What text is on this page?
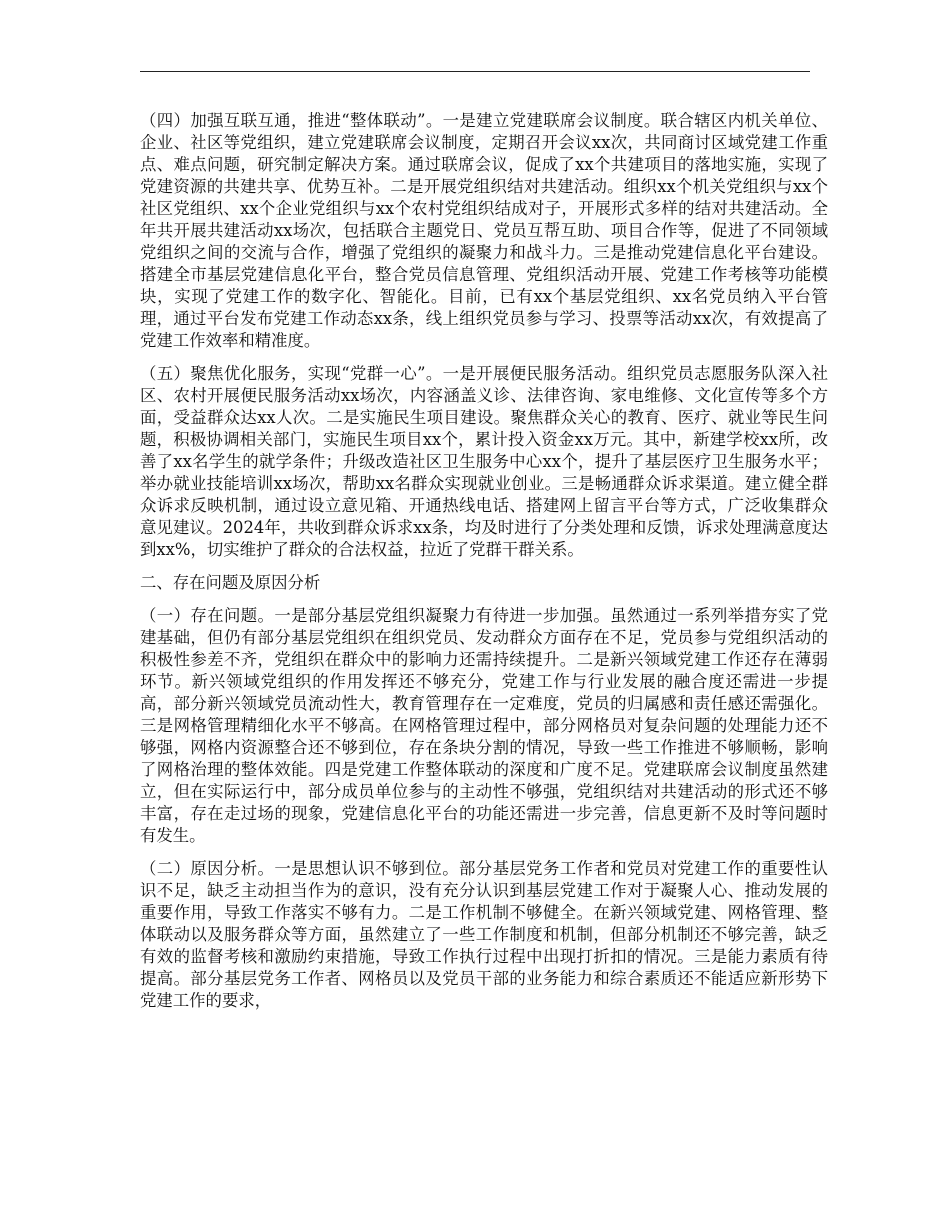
（四）加强互联互通，推进“整体联动”。一是建立党建联席会议制度。联合辖区内机关单位、企业、社区等党组织，建立党建联席会议制度，定期召开会议xx次，共同商讨区域党建工作重点、难点问题，研究制定解决方案。通过联席会议，促成了xx个共建项目的落地实施，实现了党建资源的共建共享、优势互补。二是开展党组织结对共建活动。组织xx个机关党组织与xx个社区党组织、xx个企业党组织与xx个农村党组织结成对子，开展形式多样的结对共建活动。全年共开展共建活动xx场次，包括联合主题党日、党员互帮互助、项目合作等，促进了不同领域党组织之间的交流与合作，增强了党组织的凝聚力和战斗力。三是推动党建信息化平台建设。搭建全市基层党建信息化平台，整合党员信息管理、党组织活动开展、党建工作考核等功能模块，实现了党建工作的数字化、智能化。目前，已有xx个基层党组织、xx名党员纳入平台管理，通过平台发布党建工作动态xx条，线上组织党员参与学习、投票等活动xx次，有效提高了党建工作效率和精准度。

（五）聚焦优化服务，实现“党群一心”。一是开展便民服务活动。组织党员志愿服务队深入社区、农村开展便民服务活动xx场次，内容涵盖义诊、法律咨询、家电维修、文化宣传等多个方面，受益群众达xx人次。二是实施民生项目建设。聚焦群众关心的教育、医疗、就业等民生问题，积极协调相关部门，实施民生项目xx个，累计投入资金xx万元。其中，新建学校xx所，改善了xx名学生的就学条件；升级改造社区卫生服务中心xx个，提升了基层医疗卫生服务水平；举办就业技能培训xx场次，帮助xx名群众实现就业创业。三是畅通群众诉求渠道。建立健全群众诉求反映机制，通过设立意见箱、开通热线电话、搭建网上留言平台等方式，广泛收集群众意见建议。2024年，共收到群众诉求xx条，均及时进行了分类处理和反馈，诉求处理满意度达到xx%，切实维护了群众的合法权益，拉近了党群干群关系。

二、存在问题及原因分析

（一）存在问题。一是部分基层党组织凝聚力有待进一步加强。虽然通过一系列举措夯实了党建基础，但仍有部分基层党组织在组织党员、发动群众方面存在不足，党员参与党组织活动的积极性参差不齐，党组织在群众中的影响力还需持续提升。二是新兴领域党建工作还存在薄弱环节。新兴领域党组织的作用发挥还不够充分，党建工作与行业发展的融合度还需进一步提高，部分新兴领域党员流动性大，教育管理存在一定难度，党员的归属感和责任感还需强化。三是网格管理精细化水平不够高。在网格管理过程中，部分网格员对复杂问题的处理能力还不够强，网格内资源整合还不够到位，存在条块分割的情况，导致一些工作推进不够顺畅，影响了网格治理的整体效能。四是党建工作整体联动的深度和广度不足。党建联席会议制度虽然建立，但在实际运行中，部分成员单位参与的主动性不够强，党组织结对共建活动的形式还不够丰富，存在走过场的现象，党建信息化平台的功能还需进一步完善，信息更新不及时等问题时有发生。

（二）原因分析。一是思想认识不够到位。部分基层党务工作者和党员对党建工作的重要性认识不足，缺乏主动担当作为的意识，没有充分认识到基层党建工作对于凝聚人心、推动发展的重要作用，导致工作落实不够有力。二是工作机制不够健全。在新兴领域党建、网格管理、整体联动以及服务群众等方面，虽然建立了一些工作制度和机制，但部分机制还不够完善，缺乏有效的监督考核和激励约束措施，导致工作执行过程中出现打折扣的情况。三是能力素质有待提高。部分基层党务工作者、网格员以及党员干部的业务能力和综合素质还不能适应新形势下党建工作的要求，
